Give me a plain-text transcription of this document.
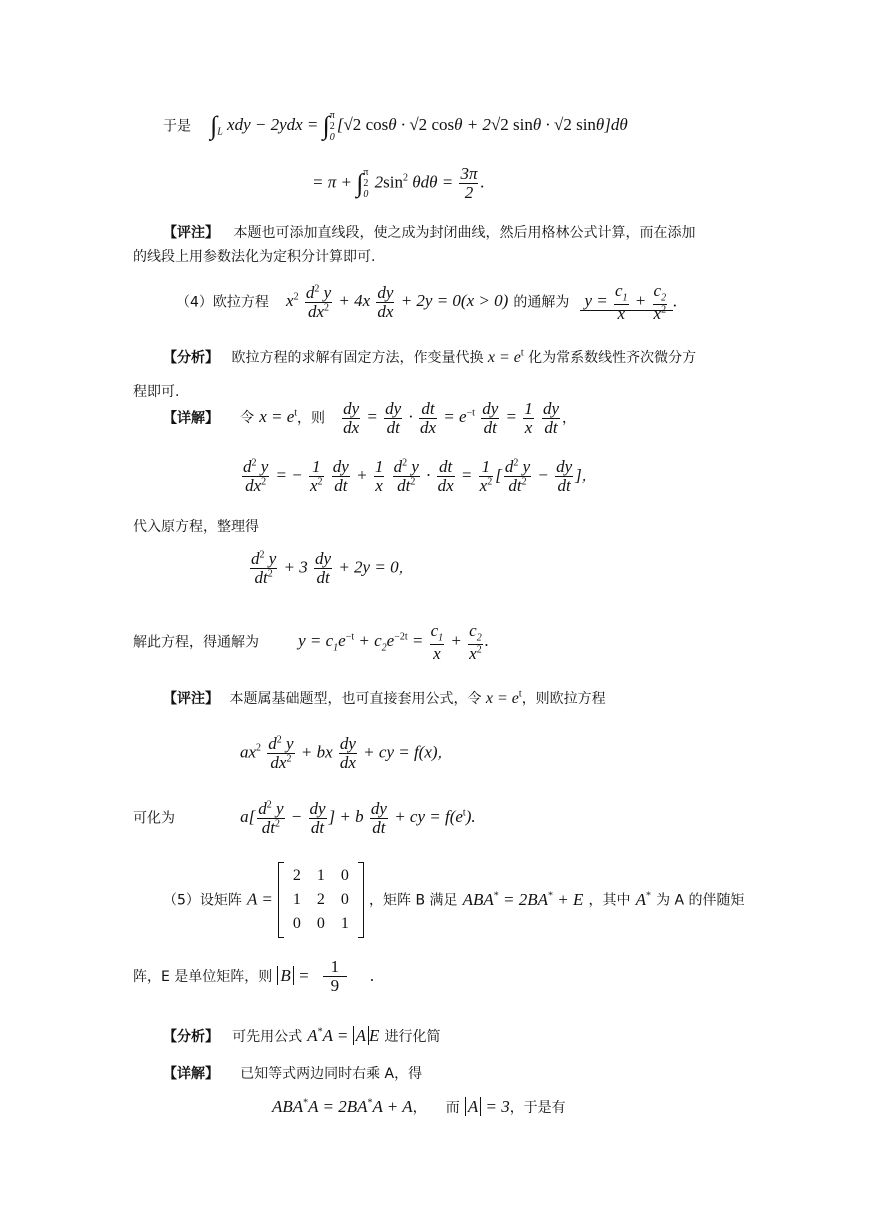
于是 $\int_L$ xdy − 2ydx = ∫π
2
0[√2 cosθ · √2 cosθ + 2√2 sinθ · √2 sinθ]dθ
= π + ∫π
2
0 $2\sin^2$ $\theta d\theta = \frac{3\pi}{2}$ .
【评注】 本题也可添加直线段，使之成为封闭曲线，然后用格林公式计算，而在添加
的线段上用参数法化为定积分计算即可.
（4）欧拉方程 $x^2 \frac{d^2 y}{dx^2} + 4x \frac{dy}{dx} + 2y = 0(x > 0)$ 的通解为 $y = \frac{c_1}{x} + \frac{c_2}{x^2}$ .
【分析】 欧拉方程的求解有固定方法，作变量代换 $x = e^t$ 化为常系数线性齐次微分方
程即可.
【详解】 令 $x = e^t$，则 $\frac{dy}{dx} = \frac{dy}{dt} \cdot \frac{dt}{dx} = e^{-t} \frac{dy}{dt} = \frac{1}{x}$
$\frac{dy}{dt}$ ，
$\frac{d^2 y}{dx^2}$ = − $\frac{1}{x^2}$
$\frac{dy}{dt} + \frac{1}{x}$
$\frac{d^2 y}{dt^2} \cdot \frac{dt}{dx} = \frac{1}{x^2}$ [ $\frac{d^2 y}{dt^2} - \frac{dy}{dt}$ ]，
代入原方程，整理得
$\frac{d^2 y}{dt^2} + 3 \frac{dy}{dt} + 2y = 0$，
解此方程，得通解为 $y = c_1e^{-t} + c_2e^{-2t} = \frac{c_1}{x} + \frac{c_2}{x^2}$ .
【评注】 本题属基础题型，也可直接套用公式，令 $x = e^t$，则欧拉方程
$ax^2 \frac{d^2 y}{dx^2}$ + bx $\frac{dy}{dx}$ + cy = f(x)，
可化为	$a[ \frac{d^2 y}{dt^2} - \frac{dy}{dt}$ ] + b $\frac{dy}{dt}$ + cy = $f(e^t)$.
（5）设矩阵 A =
2	1	0
1	2	0
0	0	1
，矩阵 B 满足 ABA* = 2BA* + E ，其中 A* 为 A 的伴随矩
阵，E 是单位矩阵，则 $B = \frac{1}{9}$ .
【分析】 可先用公式 A*A = A E 进行化简
【详解】 已知等式两边同时右乘 A，得
ABA*A = 2BA*A + A， 而 A = 3，于是有
